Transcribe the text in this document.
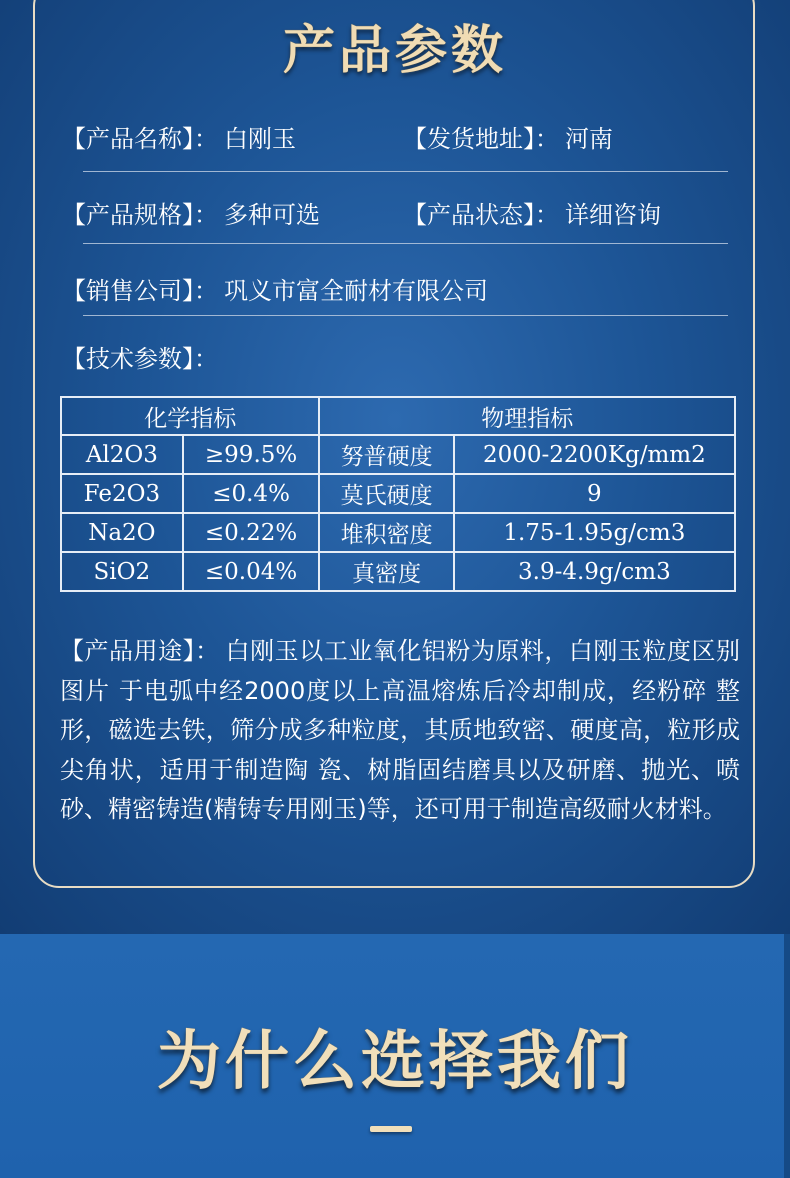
产品参数
【产品名称】： 白刚玉	【发货地址】： 河南
【产品规格】： 多种可选	【产品状态】： 详细咨询
【销售公司】： 巩义市富全耐材有限公司
【技术参数】：
化学指标		物理指标	
Al2O3	≥99.5%	努普硬度	2000-2200Kg/mm2
Fe2O3	≤0.4%	莫氏硬度	9
Na2O	≤0.22%	堆积密度	1.75-1.95g/cm3
SiO2	≤0.04%	真密度	3.9-4.9g/cm3
【产品用途】： 白刚玉以工业氧化铝粉为原料，白刚玉粒度区别图片 于电弧中经2000度以上高温熔炼后冷却制成，经粉碎 整形，磁选去铁，筛分成多种粒度，其质地致密、硬度高，粒形成尖角状，适用于制造陶 瓷、树脂固结磨具以及研磨、抛光、喷砂、精密铸造(精铸专用刚玉)等，还可用于制造高级耐火材料。
为什么选择我们
